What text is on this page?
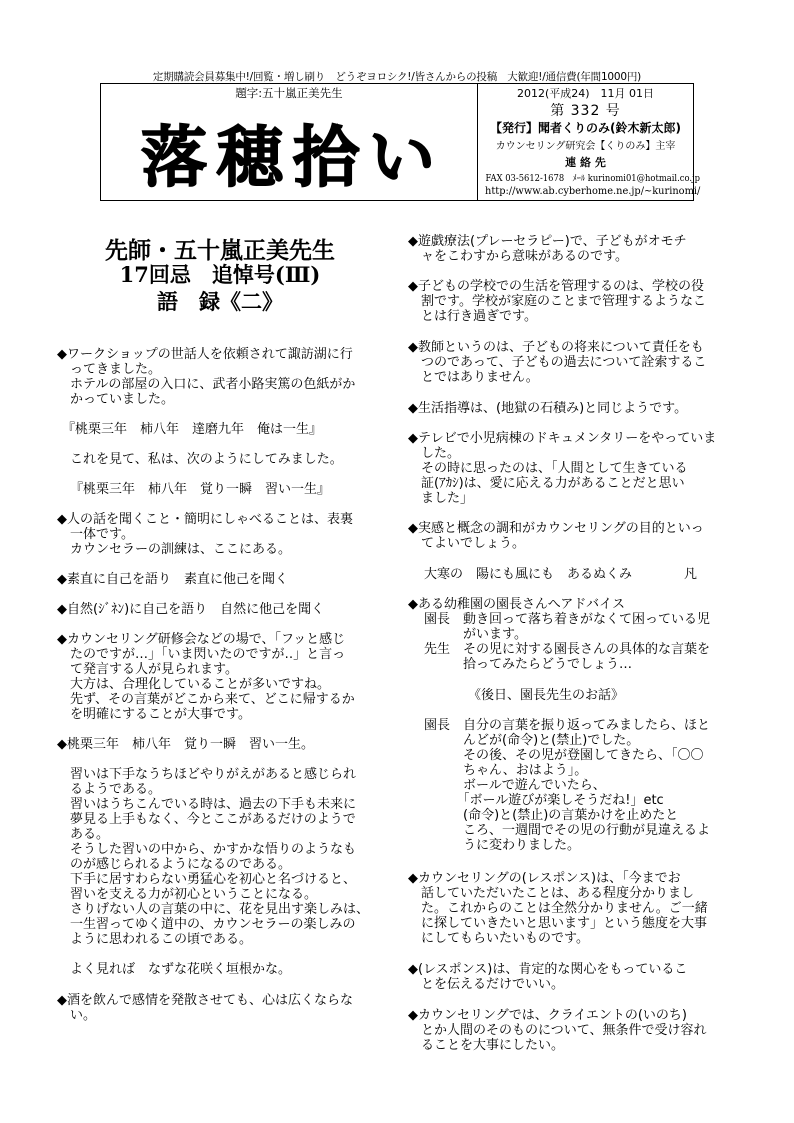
定期購読会員募集中!/回覧・増し刷り　どうぞヨロシク!/皆さんからの投稿　大歓迎!/通信費(年間1000円)
題字:五十嵐正美先生
落穂拾い
2012(平成24)　11月 01日
第 332 号
【発行】聞者くりのみ(鈴木新太郎)
カウンセリング研究会【くりのみ】主宰
連 絡 先
FAX 03-5612-1678　ﾒｰﾙ kurinomi01@hotmail.co.jp
http://www.ab.cyberhome.ne.jp/~kurinomi/
先師・五十嵐正美先生
17回忌　追悼号(Ⅲ)
語　録《二》
◆ワークショップの世話人を依頼されて諏訪湖に行
　ってきました。
　ホテルの部屋の入口に、武者小路実篤の色紙がか
　かっていました。
『桃栗三年　柿八年　達磨九年　俺は一生』
これを見て、私は、次のようにしてみました。
『桃栗三年　柿八年　覚り一瞬　習い一生』
◆人の話を聞くこと・簡明にしゃべることは、表裏
　一体です。
　カウンセラーの訓練は、ここにある。
◆素直に自己を語り　素直に他己を聞く
◆自然(ｼﾞﾈﾝ)に自己を語り　自然に他己を聞く
◆カウンセリング研修会などの場で、「フッと感じ
　たのですが…」「いま閃いたのですが‥」と言っ
　て発言する人が見られます。
　大方は、合理化していることが多いですね。
　先ず、その言葉がどこから来て、どこに帰するか
　を明確にすることが大事です。
◆桃栗三年　柿八年　覚り一瞬　習い一生。
　習いは下手なうちほどやりがえがあると感じられ
　るようである。
　習いはうちこんでいる時は、過去の下手も未来に
　夢見る上手もなく、今とここがあるだけのようで
　ある。
　そうした習いの中から、かすかな悟りのようなも
　のが感じられるようになるのである。
　下手に居すわらない勇猛心を初心と名づけると、
　習いを支える力が初心ということになる。
　さりげない人の言葉の中に、花を見出す楽しみは、
　一生習ってゆく道中の、カウンセラーの楽しみの
　ように思われるこの頃である。
よく見れば　なずな花咲く垣根かな。
◆酒を飲んで感情を発散させても、心は広くならな
　い。
◆遊戯療法(プレーセラピー)で、子どもがオモチ
　ャをこわすから意味があるのです。
◆子どもの学校での生活を管理するのは、学校の役
　割です。学校が家庭のことまで管理するようなこ
　とは行き過ぎです。
◆教師というのは、子どもの将来について責任をも
　つのであって、子どもの過去について詮索するこ
　とではありません。
◆生活指導は、(地獄の石積み)と同じようです。
◆テレビで小児病棟のドキュメンタリーをやっていま
　した。
　その時に思ったのは、「人間として生きている
　証(ｱｶｼ)は、愛に応える力があることだと思い
　ました」
◆実感と概念の調和がカウンセリングの目的といっ
　てよいでしょう。
大寒の　陽にも風にも　あるぬくみ　　　　凡
◆ある幼稚園の園長さんへアドバイス
園長　動き回って落ち着きがなくて困っている児
　　　がいます。
先生　その児に対する園長さんの具体的な言葉を
　　　拾ってみたらどうでしょう…
《後日、園長先生のお話》
園長　自分の言葉を振り返ってみましたら、ほと
　　　んどが(命令)と(禁止)でした。
　　　その後、その児が登園してきたら、「〇〇
　　　ちゃん、おはよう」。
　　　ボールで遊んでいたら、
　　　「ボール遊びが楽しそうだね!」etc
　　　(命令)と(禁止)の言葉かけを止めたと
　　　ころ、一週間でその児の行動が見違えるよ
　　　うに変わりました。
◆カウンセリングの(レスポンス)は、「今までお
　話していただいたことは、ある程度分かりまし
　た。これからのことは全然分かりません。ご一緒
　に探していきたいと思います」という態度を大事
　にしてもらいたいものです。
◆(レスポンス)は、肯定的な関心をもっているこ
　とを伝えるだけでいい。
◆カウンセリングでは、クライエントの(いのち)
　とか人間のそのものについて、無条件で受け容れ
　ることを大事にしたい。
